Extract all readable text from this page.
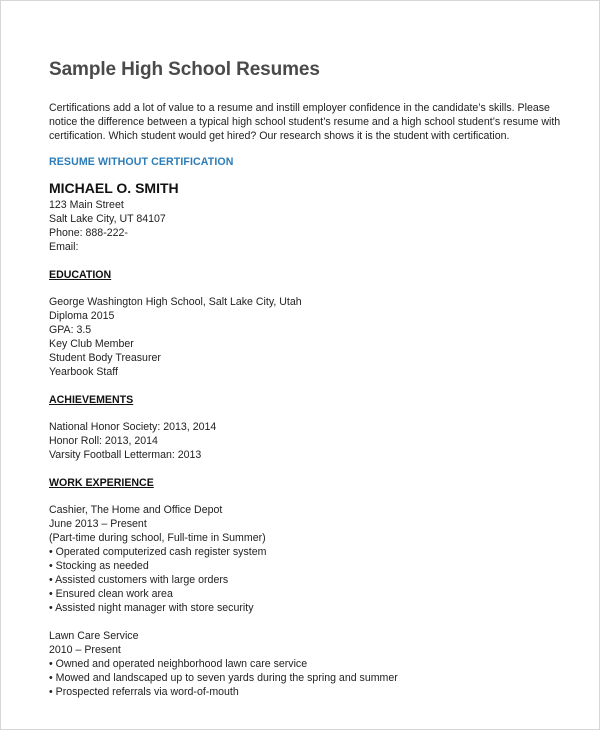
Sample High School Resumes

Certifications add a lot of value to a resume and instill employer confidence in the candidate’s skills. Please notice the difference between a typical high school student’s resume and a high school student’s resume with certification. Which student would get hired? Our research shows it is the student with certification.

RESUME WITHOUT CERTIFICATION
MICHAEL O. SMITH

123 Main Street

Salt Lake City, UT 84107

Phone: 888-222-

Email:

EDUCATION

George Washington High School, Salt Lake City, Utah

Diploma 2015

GPA: 3.5

Key Club Member

Student Body Treasurer

Yearbook Staff

ACHIEVEMENTS

National Honor Society: 2013, 2014

Honor Roll: 2013, 2014

Varsity Football Letterman: 2013

WORK EXPERIENCE

Cashier, The Home and Office Depot

June 2013 – Present

(Part-time during school, Full-time in Summer)

• Operated computerized cash register system

• Stocking as needed

• Assisted customers with large orders

• Ensured clean work area

• Assisted night manager with store security

Lawn Care Service

2010 – Present

• Owned and operated neighborhood lawn care service

• Mowed and landscaped up to seven yards during the spring and summer

• Prospected referrals via word-of-mouth
